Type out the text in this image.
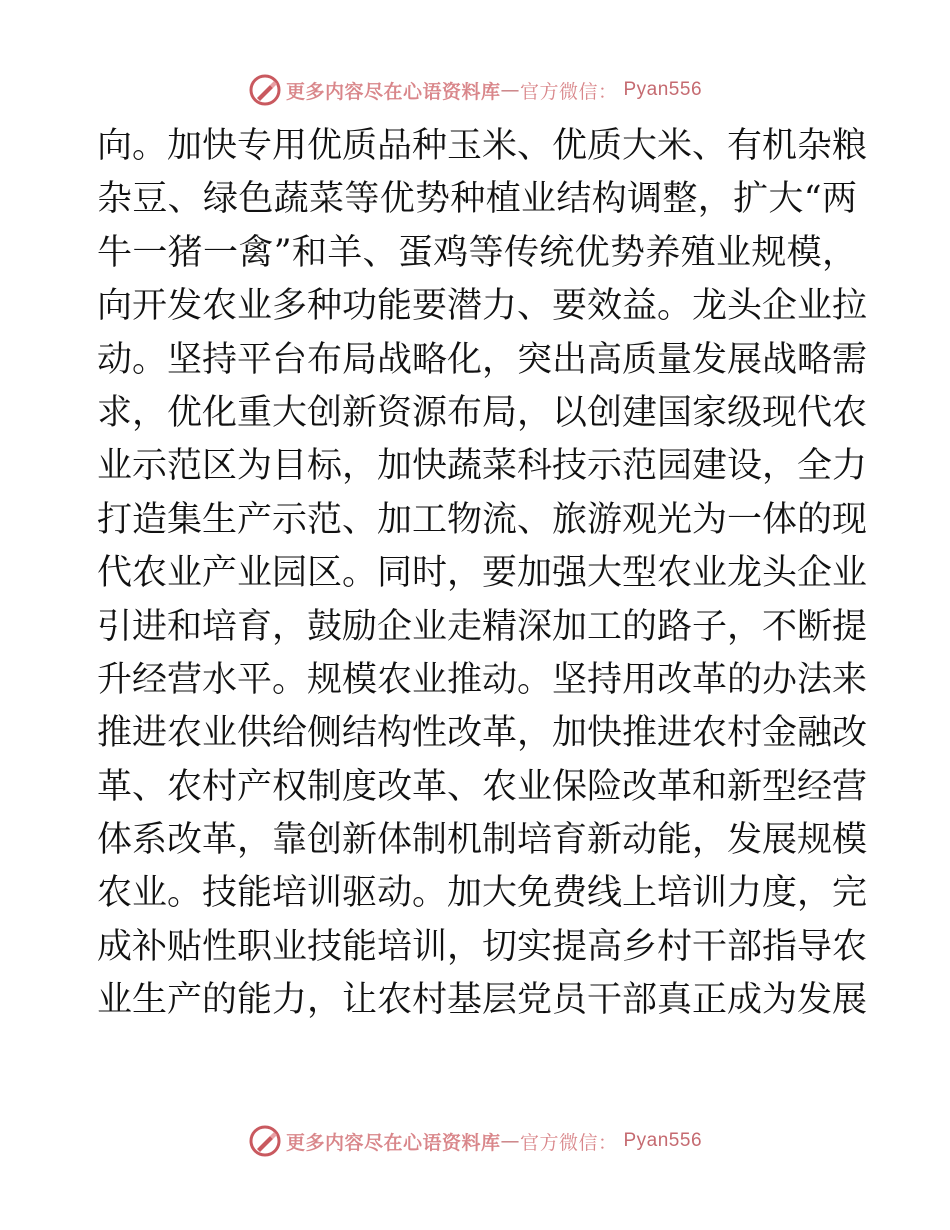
更多内容尽在心语资料库 — 官方微信： Pyan556
向。加快专用优质品种玉米、优质大米、有机杂粮
杂豆、绿色蔬菜等优势种植业结构调整，扩大“两
牛一猪一禽”和羊、蛋鸡等传统优势养殖业规模，
向开发农业多种功能要潜力、要效益。龙头企业拉
动。坚持平台布局战略化，突出高质量发展战略需
求，优化重大创新资源布局，以创建国家级现代农
业示范区为目标，加快蔬菜科技示范园建设，全力
打造集生产示范、加工物流、旅游观光为一体的现
代农业产业园区。同时，要加强大型农业龙头企业
引进和培育，鼓励企业走精深加工的路子，不断提
升经营水平。规模农业推动。坚持用改革的办法来
推进农业供给侧结构性改革，加快推进农村金融改
革、农村产权制度改革、农业保险改革和新型经营
体系改革，靠创新体制机制培育新动能，发展规模
农业。技能培训驱动。加大免费线上培训力度，完
成补贴性职业技能培训，切实提高乡村干部指导农
业生产的能力，让农村基层党员干部真正成为发展
更多内容尽在心语资料库 — 官方微信： Pyan556
